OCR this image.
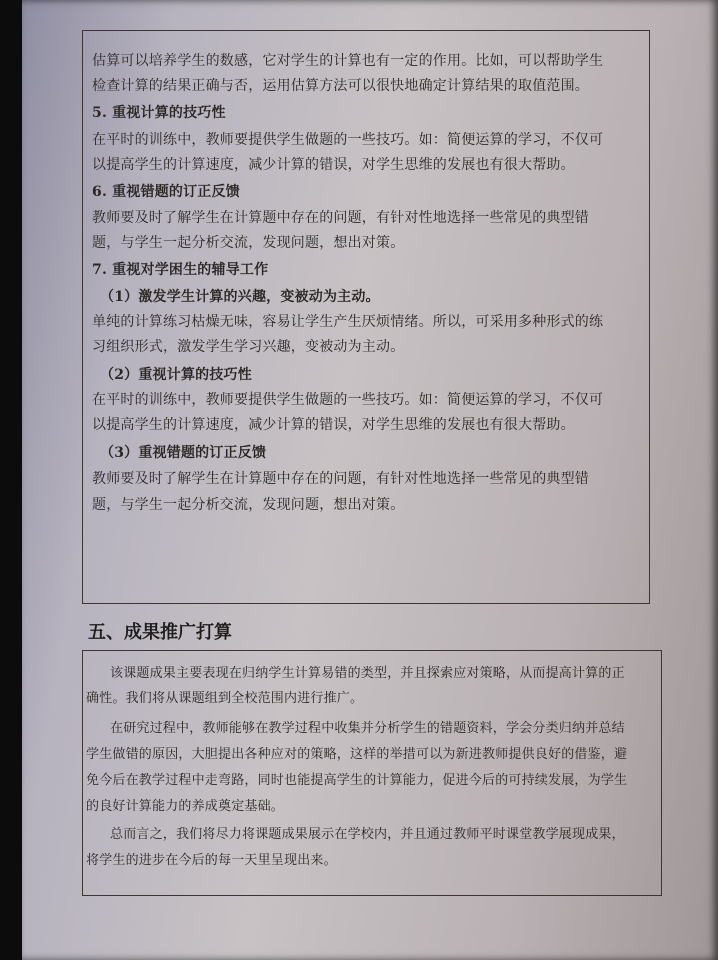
五、成果推广打算
估算可以培养学生的数感，它对学生的计算也有一定的作用。比如，可以帮助学生
检查计算的结果正确与否，运用估算方法可以很快地确定计算结果的取值范围。
5. 重视计算的技巧性
在平时的训练中，教师要提供学生做题的一些技巧。如：简便运算的学习，不仅可
以提高学生的计算速度，减少计算的错误，对学生思维的发展也有很大帮助。
6. 重视错题的订正反馈
教师要及时了解学生在计算题中存在的问题，有针对性地选择一些常见的典型错
题，与学生一起分析交流，发现问题，想出对策。
7. 重视对学困生的辅导工作
（1）激发学生计算的兴趣，变被动为主动。
单纯的计算练习枯燥无味，容易让学生产生厌烦情绪。所以，可采用多种形式的练
习组织形式，激发学生学习兴趣，变被动为主动。
（2）重视计算的技巧性
在平时的训练中，教师要提供学生做题的一些技巧。如：简便运算的学习，不仅可
以提高学生的计算速度，减少计算的错误，对学生思维的发展也有很大帮助。
（3）重视错题的订正反馈
教师要及时了解学生在计算题中存在的问题，有针对性地选择一些常见的典型错
题，与学生一起分析交流，发现问题，想出对策。
该课题成果主要表现在归纳学生计算易错的类型，并且探索应对策略，从而提高计算的正
确性。我们将从课题组到全校范围内进行推广。
在研究过程中，教师能够在教学过程中收集并分析学生的错题资料，学会分类归纳并总结
学生做错的原因，大胆提出各种应对的策略，这样的举措可以为新进教师提供良好的借鉴，避
免今后在教学过程中走弯路，同时也能提高学生的计算能力，促进今后的可持续发展，为学生
的良好计算能力的养成奠定基础。
总而言之，我们将尽力将课题成果展示在学校内，并且通过教师平时课堂教学展现成果，
将学生的进步在今后的每一天里呈现出来。
